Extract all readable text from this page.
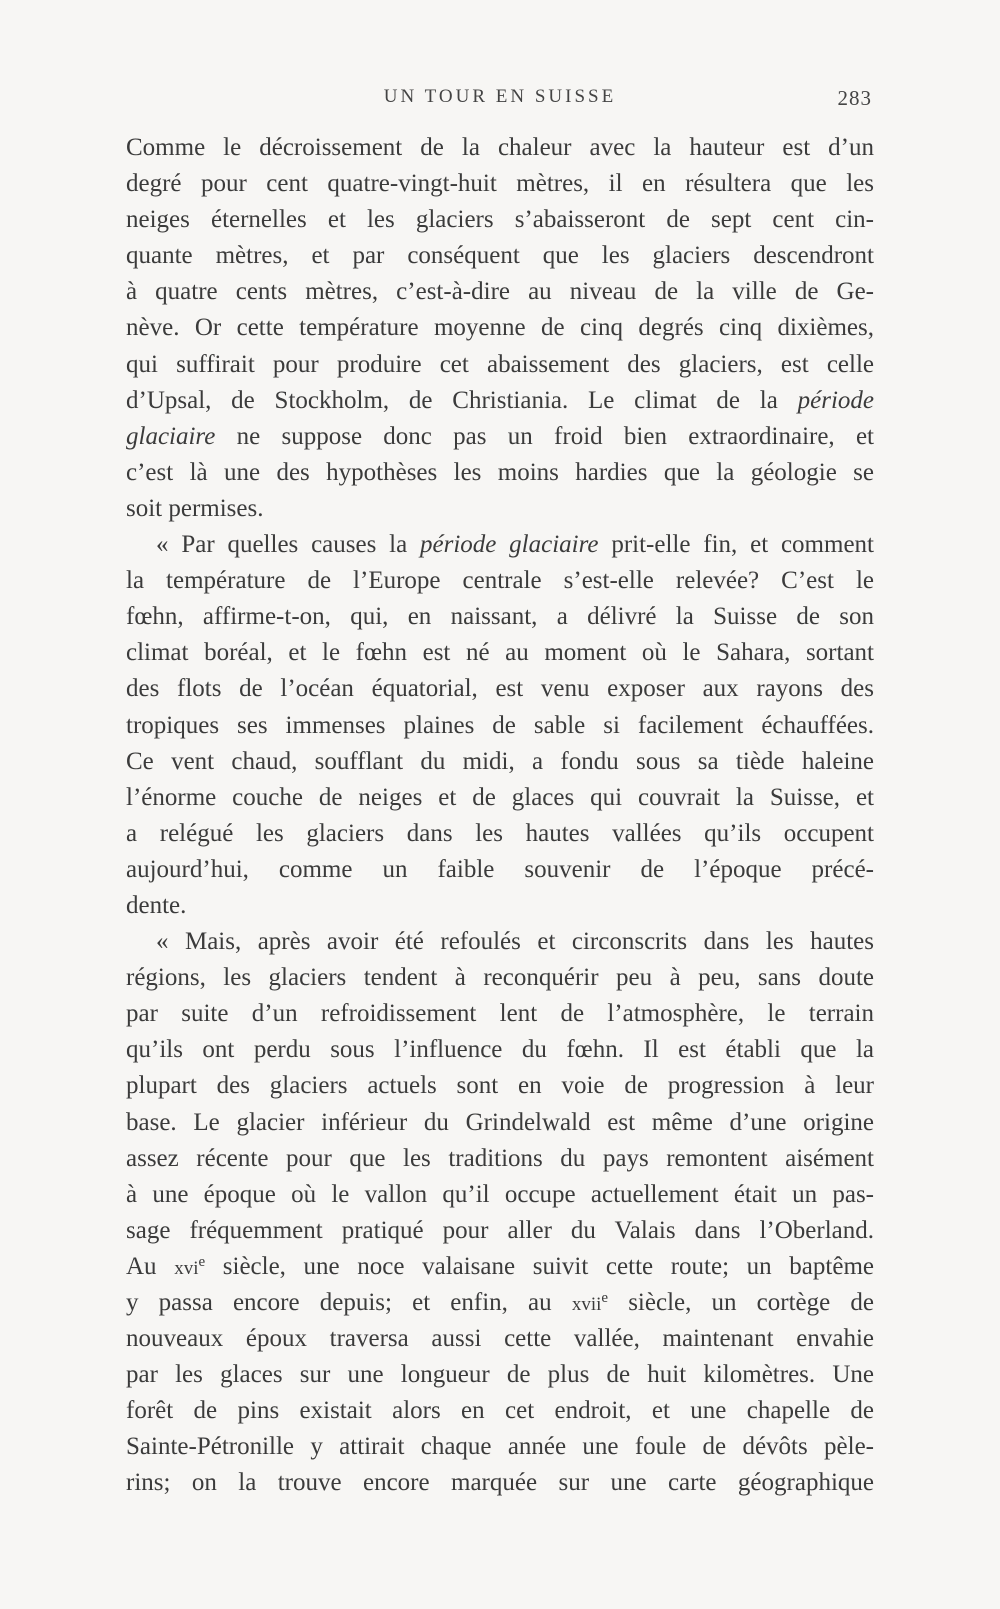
UN TOUR EN SUISSE	283
Comme le décroissement de la chaleur avec la hauteur est d’un
degré pour cent quatre-vingt-huit mètres, il en résultera que les
neiges éternelles et les glaciers s’abaisseront de sept cent cin-
quante mètres, et par conséquent que les glaciers descendront
à quatre cents mètres, c’est-à-dire au niveau de la ville de Ge-
nève. Or cette température moyenne de cinq degrés cinq dixièmes,
qui suffirait pour produire cet abaissement des glaciers, est celle
d’Upsal, de Stockholm, de Christiania. Le climat de la période
glaciaire ne suppose donc pas un froid bien extraordinaire, et
c’est là une des hypothèses les moins hardies que la géologie se
soit permises.
« Par quelles causes la période glaciaire prit-elle fin, et comment
la température de l’Europe centrale s’est-elle relevée? C’est le
fœhn, affirme-t-on, qui, en naissant, a délivré la Suisse de son
climat boréal, et le fœhn est né au moment où le Sahara, sortant
des flots de l’océan équatorial, est venu exposer aux rayons des
tropiques ses immenses plaines de sable si facilement échauffées.
Ce vent chaud, soufflant du midi, a fondu sous sa tiède haleine
l’énorme couche de neiges et de glaces qui couvrait la Suisse, et
a relégué les glaciers dans les hautes vallées qu’ils occupent
aujourd’hui, comme un faible souvenir de l’époque précé-
dente.
« Mais, après avoir été refoulés et circonscrits dans les hautes
régions, les glaciers tendent à reconquérir peu à peu, sans doute
par suite d’un refroidissement lent de l’atmosphère, le terrain
qu’ils ont perdu sous l’influence du fœhn. Il est établi que la
plupart des glaciers actuels sont en voie de progression à leur
base. Le glacier inférieur du Grindelwald est même d’une origine
assez récente pour que les traditions du pays remontent aisément
à une époque où le vallon qu’il occupe actuellement était un pas-
sage fréquemment pratiqué pour aller du Valais dans l’Oberland.
Au xvi$^e$ siècle, une noce valaisane suivit cette route; un baptême
y passa encore depuis; et enfin, au xvii$^e$ siècle, un cortège de
nouveaux époux traversa aussi cette vallée, maintenant envahie
par les glaces sur une longueur de plus de huit kilomètres. Une
forêt de pins existait alors en cet endroit, et une chapelle de
Sainte-Pétronille y attirait chaque année une foule de dévôts pèle-
rins; on la trouve encore marquée sur une carte géographique
